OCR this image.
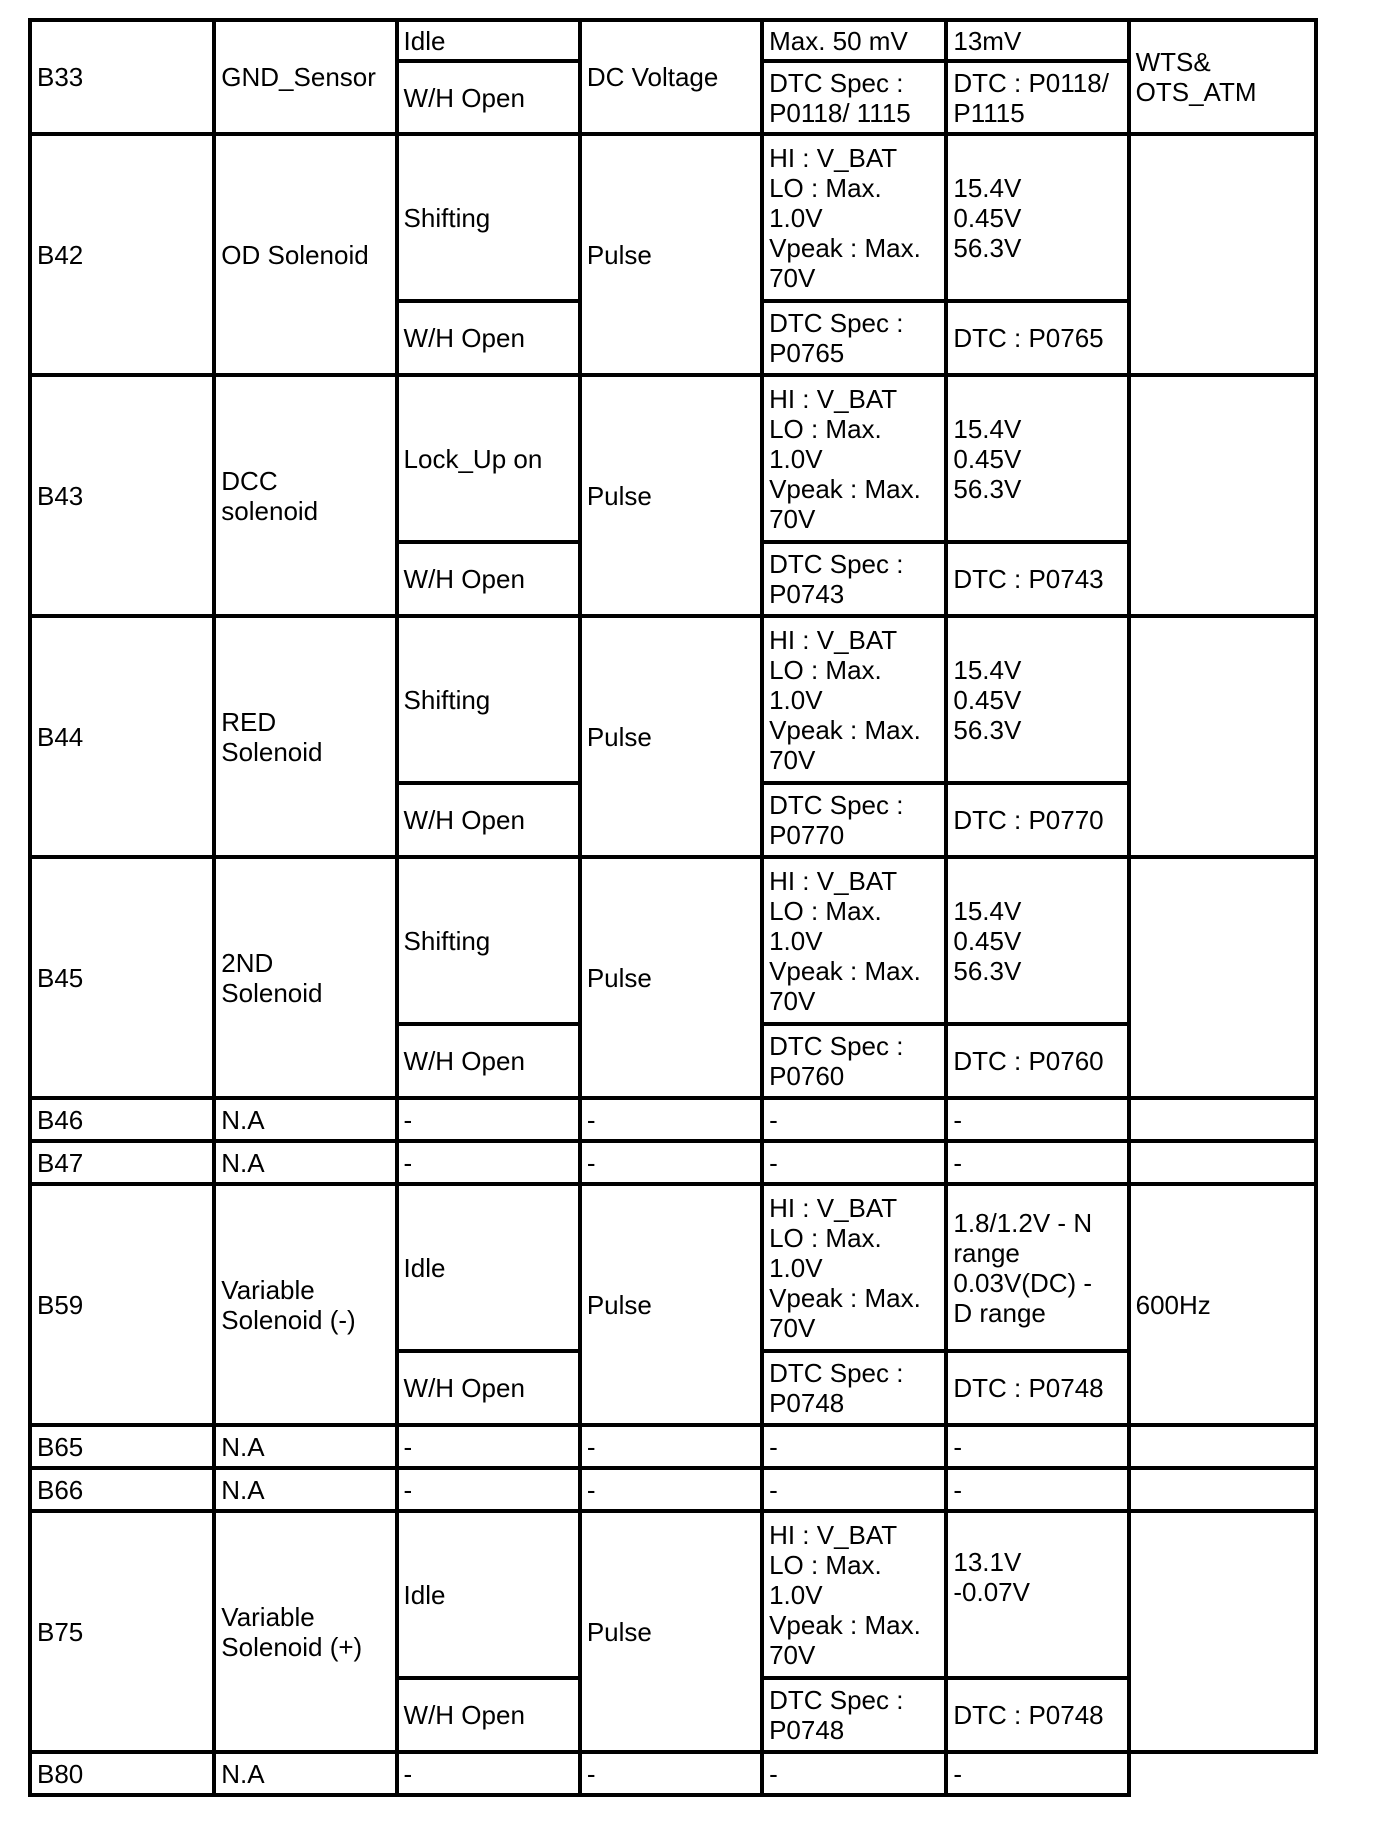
B33	GND_Sensor	Idle	DC Voltage	Max. 50 mV	13mV	WTS&
OTS_ATM
		W/H Open		DTC Spec :
P0118/ 1115	DTC : P0118/
P1115	
B42	OD Solenoid	Shifting	Pulse	HI : V_BAT
LO : Max.
1.0V
Vpeak : Max.
70V	15.4V
0.45V
56.3V	
		W/H Open		DTC Spec :
P0765	DTC : P0765	
B43	DCC
solenoid	Lock_Up on	Pulse	HI : V_BAT
LO : Max.
1.0V
Vpeak : Max.
70V	15.4V
0.45V
56.3V	
		W/H Open		DTC Spec :
P0743	DTC : P0743	
B44	RED
Solenoid	Shifting	Pulse	HI : V_BAT
LO : Max.
1.0V
Vpeak : Max.
70V	15.4V
0.45V
56.3V	
		W/H Open		DTC Spec :
P0770	DTC : P0770	
B45	2ND
Solenoid	Shifting	Pulse	HI : V_BAT
LO : Max.
1.0V
Vpeak : Max.
70V	15.4V
0.45V
56.3V	
		W/H Open		DTC Spec :
P0760	DTC : P0760	
B46	N.A	-	-	-	-	
B47	N.A	-	-	-	-	
B59	Variable
Solenoid (-)	Idle	Pulse	HI : V_BAT
LO : Max.
1.0V
Vpeak : Max.
70V	1.8/1.2V - N
range
0.03V(DC) -
D range	600Hz
		W/H Open		DTC Spec :
P0748	DTC : P0748	
B65	N.A	-	-	-	-	
B66	N.A	-	-	-	-	
B75	Variable
Solenoid (+)	Idle	Pulse	HI : V_BAT
LO : Max.
1.0V
Vpeak : Max.
70V	13.1V
-0.07V	
		W/H Open		DTC Spec :
P0748	DTC : P0748	
B80	N.A	-	-	-	-	
